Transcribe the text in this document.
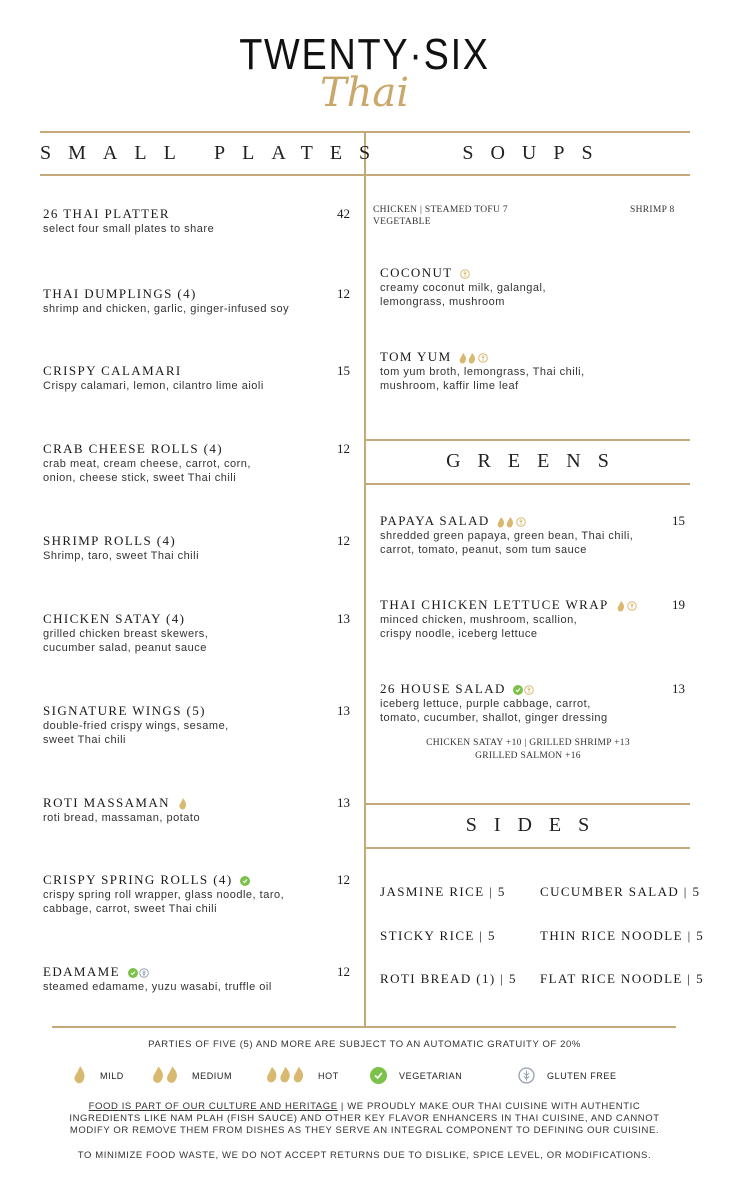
TWENTY·SIX
Thai
SMALL PLATES	SOUPS
GREENS
SIDES
26 THAI PLATTER
select four small plates to share
42
THAI DUMPLINGS (4)
shrimp and chicken, garlic, ginger-infused soy
12
CRISPY CALAMARI
Crispy calamari, lemon, cilantro lime aioli
15
CRAB CHEESE ROLLS (4)
crab meat, cream cheese, carrot, corn,
onion, cheese stick, sweet Thai chili
12
SHRIMP ROLLS (4)
Shrimp, taro, sweet Thai chili
12
CHICKEN SATAY (4)
grilled chicken breast skewers,
cucumber salad, peanut sauce
13
SIGNATURE WINGS (5)
double-fried crispy wings, sesame,
sweet Thai chili
13
ROTI MASSAMAN
roti bread, massaman, potato
13
CRISPY SPRING ROLLS (4)
crispy spring roll wrapper, glass noodle, taro,
cabbage, carrot, sweet Thai chili
12
EDAMAME
steamed edamame, yuzu wasabi, truffle oil
12
CHICKEN | STEAMED TOFU 7
VEGETABLE
SHRIMP 8
COCONUT
creamy coconut milk, galangal,
lemongrass, mushroom
TOM YUM
tom yum broth, lemongrass, Thai chili,
mushroom, kaffir lime leaf
PAPAYA SALAD
shredded green papaya, green bean, Thai chili,
carrot, tomato, peanut, som tum sauce
15
THAI CHICKEN LETTUCE WRAP
minced chicken, mushroom, scallion,
crispy noodle, iceberg lettuce
19
26 HOUSE SALAD
iceberg lettuce, purple cabbage, carrot,
tomato, cucumber, shallot, ginger dressing
13
CHICKEN SATAY +10 | GRILLED SHRIMP +13
GRILLED SALMON +16
JASMINE RICE | 5	CUCUMBER SALAD | 5
STICKY RICE | 5	THIN RICE NOODLE | 5
ROTI BREAD (1) | 5 FLAT RICE NOODLE | 5
PARTIES OF FIVE (5) AND MORE ARE SUBJECT TO AN AUTOMATIC GRATUITY OF 20%
MILD	MEDIUM	HOT	VEGETARIAN	GLUTEN FREE
FOOD IS PART OF OUR CULTURE AND HERITAGE | WE PROUDLY MAKE OUR THAI CUISINE WITH AUTHENTIC
INGREDIENTS LIKE NAM PLAH (FISH SAUCE) AND OTHER KEY FLAVOR ENHANCERS IN THAI CUISINE, AND CANNOT
MODIFY OR REMOVE THEM FROM DISHES AS THEY SERVE AN INTEGRAL COMPONENT TO DEFINING OUR CUISINE.
TO MINIMIZE FOOD WASTE, WE DO NOT ACCEPT RETURNS DUE TO DISLIKE, SPICE LEVEL, OR MODIFICATIONS.
